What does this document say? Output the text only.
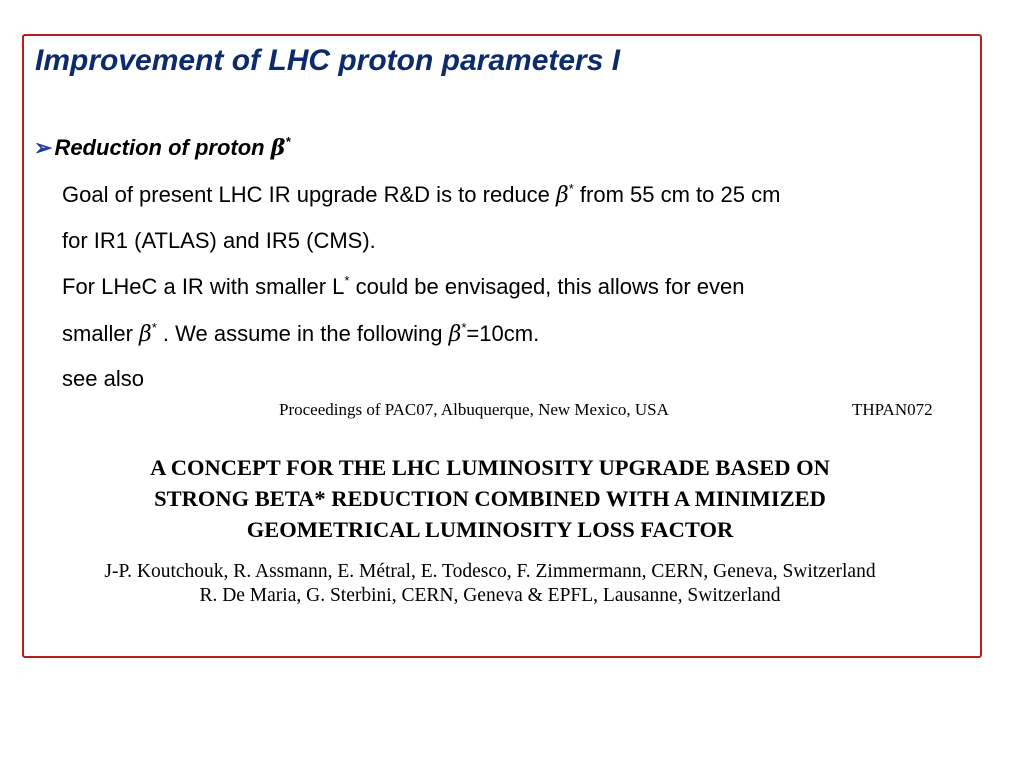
Improvement of LHC proton parameters I
➢Reduction of proton β*
Goal of present LHC IR upgrade R&D is to reduce β* from 55 cm to 25 cm
for IR1 (ATLAS) and IR5 (CMS).
For LHeC a IR with smaller L* could be envisaged, this allows for even
smaller β* . We assume in the following β*=10cm.
see also
Proceedings of PAC07, Albuquerque, New Mexico, USA	THPAN072
A CONCEPT FOR THE LHC LUMINOSITY UPGRADE BASED ON
STRONG BETA* REDUCTION COMBINED WITH A MINIMIZED
GEOMETRICAL LUMINOSITY LOSS FACTOR
J-P. Koutchouk, R. Assmann, E. Métral, E. Todesco, F. Zimmermann, CERN, Geneva, Switzerland
R. De Maria, G. Sterbini, CERN, Geneva & EPFL, Lausanne, Switzerland
